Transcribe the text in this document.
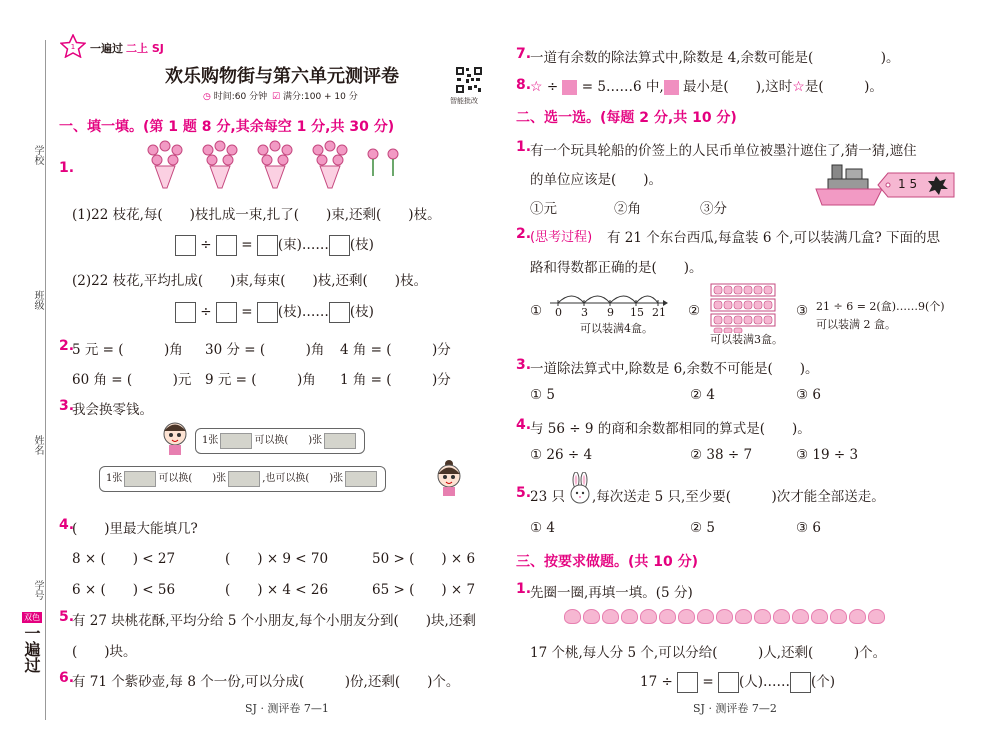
学校
班级
姓名
学号
一遍过
双色
1 一遍过 二上 SJ
欢乐购物街与第六单元测评卷
◷ 时间:60 分钟 ☑ 满分:100 + 10 分	智能批改
一、填一填。(第 1 题 8 分,其余每空 1 分,共 30 分)
1.
(1)22 枝花,每(　　)枝扎成一束,扎了(　　)束,还剩(　　)枝。
÷ = (束)…… (枝)
(2)22 枝花,平均扎成(　　)束,每束(　　)枝,还剩(　　)枝。
÷ = (枝)…… (枝)
2.
5 元 = (　　　)角 30 分 = (　　　)角 4 角 = (　　　)分
60 角 = (　　　)元 9 元 = (　　　)角 1 角 = (　　　)分
3.
我会换零钱。
1张	可以换(　　)张
1张	可以换(　　)张	,也可以换(　　)张
4.
(　　)里最大能填几?
8 × (　　) < 27	(　　) × 9 < 70	50 > (　　) × 6
6 × (　　) < 56	(　　) × 4 < 26	65 > (　　) × 7
5.
有 27 块桃花酥,平均分给 5 个小朋友,每个小朋友分到(　　)块,还剩
(　　)块。
6.
有 71 个紫砂壶,每 8 个一份,可以分成(　　　)份,还剩(　　)个。
SJ · 测评卷 7—1
7.
一道有余数的除法算式中,除数是 4,余数可能是(　　　　　)。
8.
☆ ÷ = 5……6 中, 最小是(　　),这时☆是(　　　)。
二、选一选。(每题 2 分,共 10 分)
1.
有一个玩具轮船的价签上的人民币单位被墨汁遮住了,猜一猜,遮住
的单位应该是(　　)。
①元	②角	③分
1 5
2.
(思考过程) 有 21 个东台西瓜,每盒装 6 个,可以装满几盒? 下面的思
路和得数都正确的是(　　)。
① 0 3 9 15 21
可以装满4盒。
②
可以装满3盒。
③ 21 ÷ 6 = 2(盒)……9(个)
可以装满 2 盒。
3.
一道除法算式中,除数是 6,余数不可能是(　　)。
① 5	② 4	③ 6
4.
与 56 ÷ 9 的商和余数都相同的算式是(　　)。
① 26 ÷ 4	② 38 ÷ 7	③ 19 ÷ 3
5.
23 只 ,每次送走 5 只,至少要(　　　)次才能全部送走。
① 4	② 5	③ 6
三、按要求做题。(共 10 分)
1.
先圈一圈,再填一填。(5 分)
17 个桃,每人分 5 个,可以分给(　　　)人,还剩(　　　)个。
17 ÷ = (人)…… (个)
SJ · 测评卷 7—2
